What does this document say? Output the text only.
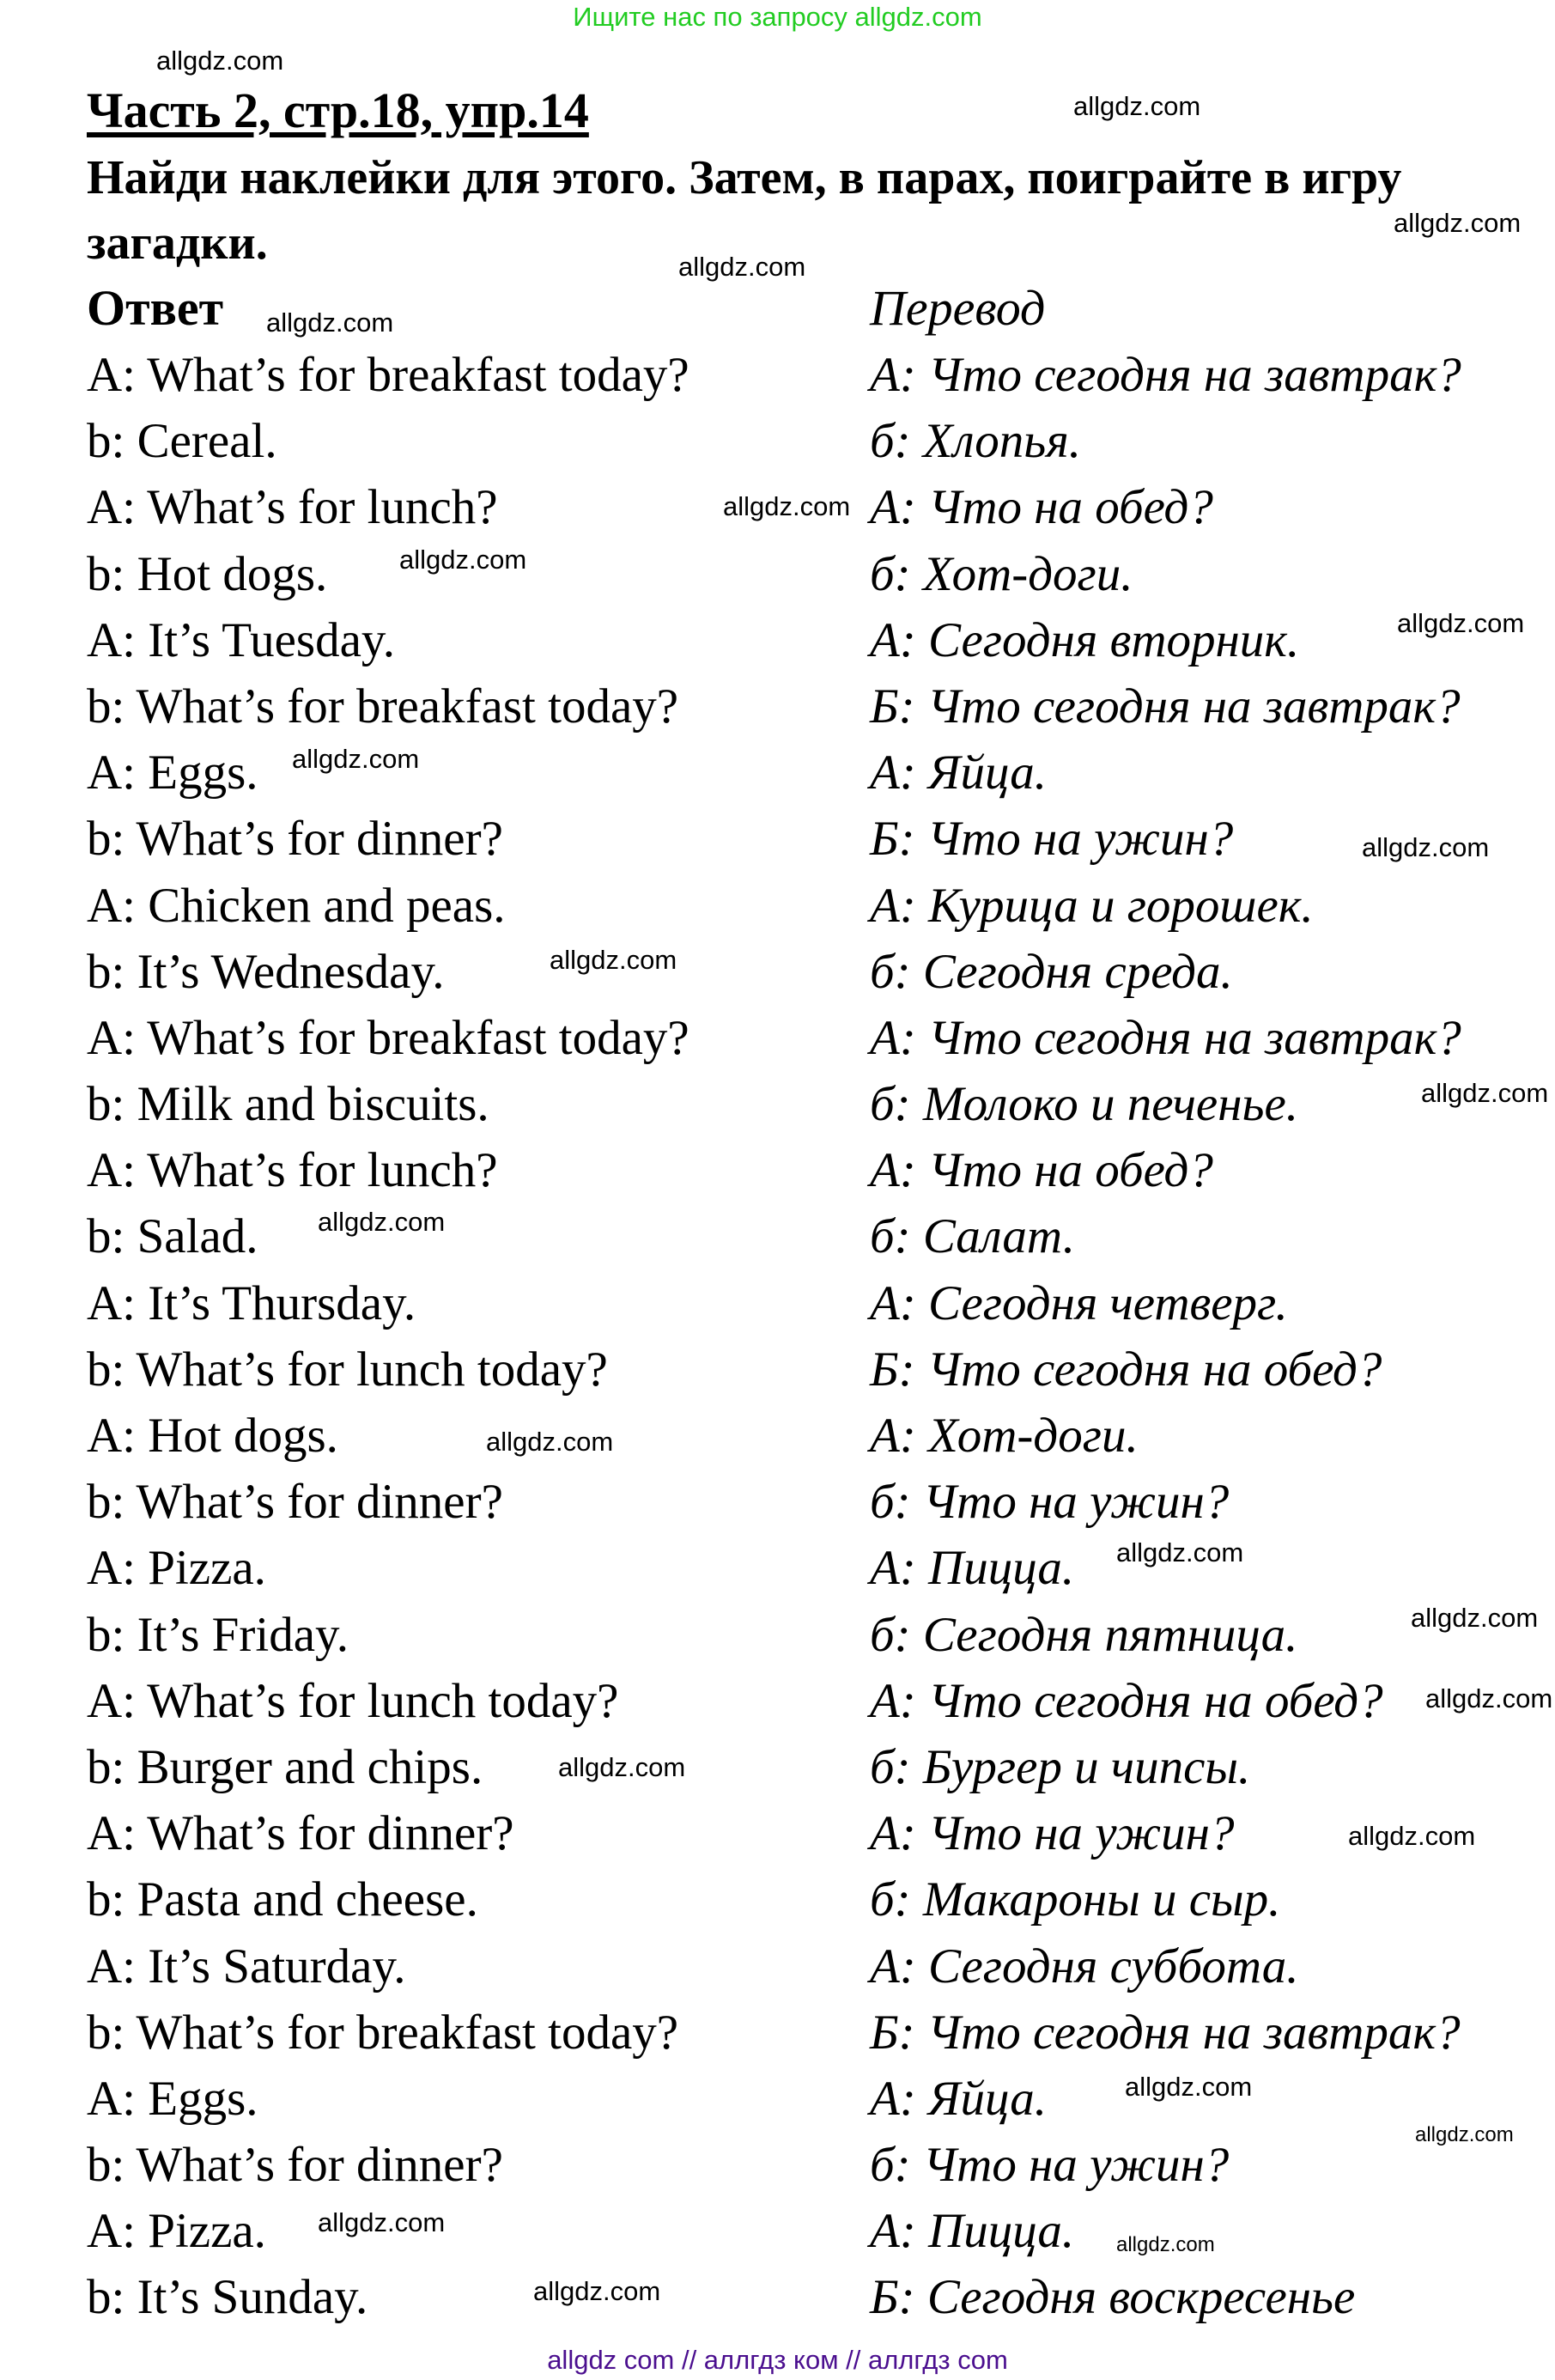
Ищите нас по запросу allgdz.com
Часть 2, стр.18, упр.14
Найди наклейки для этого. Затем, в парах, поиграйте в игру
загадки.
Ответ	Перевод
A: What’s for breakfast today?	А: Что сегодня на завтрак?
b: Cereal.	б: Хлопья.
A: What’s for lunch?	А: Что на обед?
b: Hot dogs.	б: Хот-доги.
A: It’s Tuesday.	А: Сегодня вторник.
b: What’s for breakfast today?	Б: Что сегодня на завтрак?
A: Eggs.	А: Яйца.
b: What’s for dinner?	Б: Что на ужин?
A: Chicken and peas.	А: Курица и горошек.
b: It’s Wednesday.	б: Сегодня среда.
A: What’s for breakfast today?	А: Что сегодня на завтрак?
b: Milk and biscuits.	б: Молоко и печенье.
A: What’s for lunch?	А: Что на обед?
b: Salad.	б: Салат.
A: It’s Thursday.	А: Сегодня четверг.
b: What’s for lunch today?	Б: Что сегодня на обед?
A: Hot dogs.	А: Хот-доги.
b: What’s for dinner?	б: Что на ужин?
A: Pizza.	А: Пицца.
b: It’s Friday.	б: Сегодня пятница.
A: What’s for lunch today?	А: Что сегодня на обед?
b: Burger and chips.	б: Бургер и чипсы.
A: What’s for dinner?	А: Что на ужин?
b: Pasta and cheese.	б: Макароны и сыр.
A: It’s Saturday.	А: Сегодня суббота.
b: What’s for breakfast today?	Б: Что сегодня на завтрак?
A: Eggs.	А: Яйца.
b: What’s for dinner?	б: Что на ужин?
A: Pizza.	А: Пицца.
b: It’s Sunday.	Б: Сегодня воскресенье
allgdz.com
allgdz.com
allgdz.com
allgdz.com
allgdz.com
allgdz.com
allgdz.com
allgdz.com
allgdz.com
allgdz.com
allgdz.com
allgdz.com
allgdz.com
allgdz.com
allgdz.com
allgdz.com
allgdz.com
allgdz.com
allgdz.com
allgdz.com
allgdz.com
allgdz.com
allgdz.com
allgdz.com
allgdz com // аллгдз ком // аллгдз com
